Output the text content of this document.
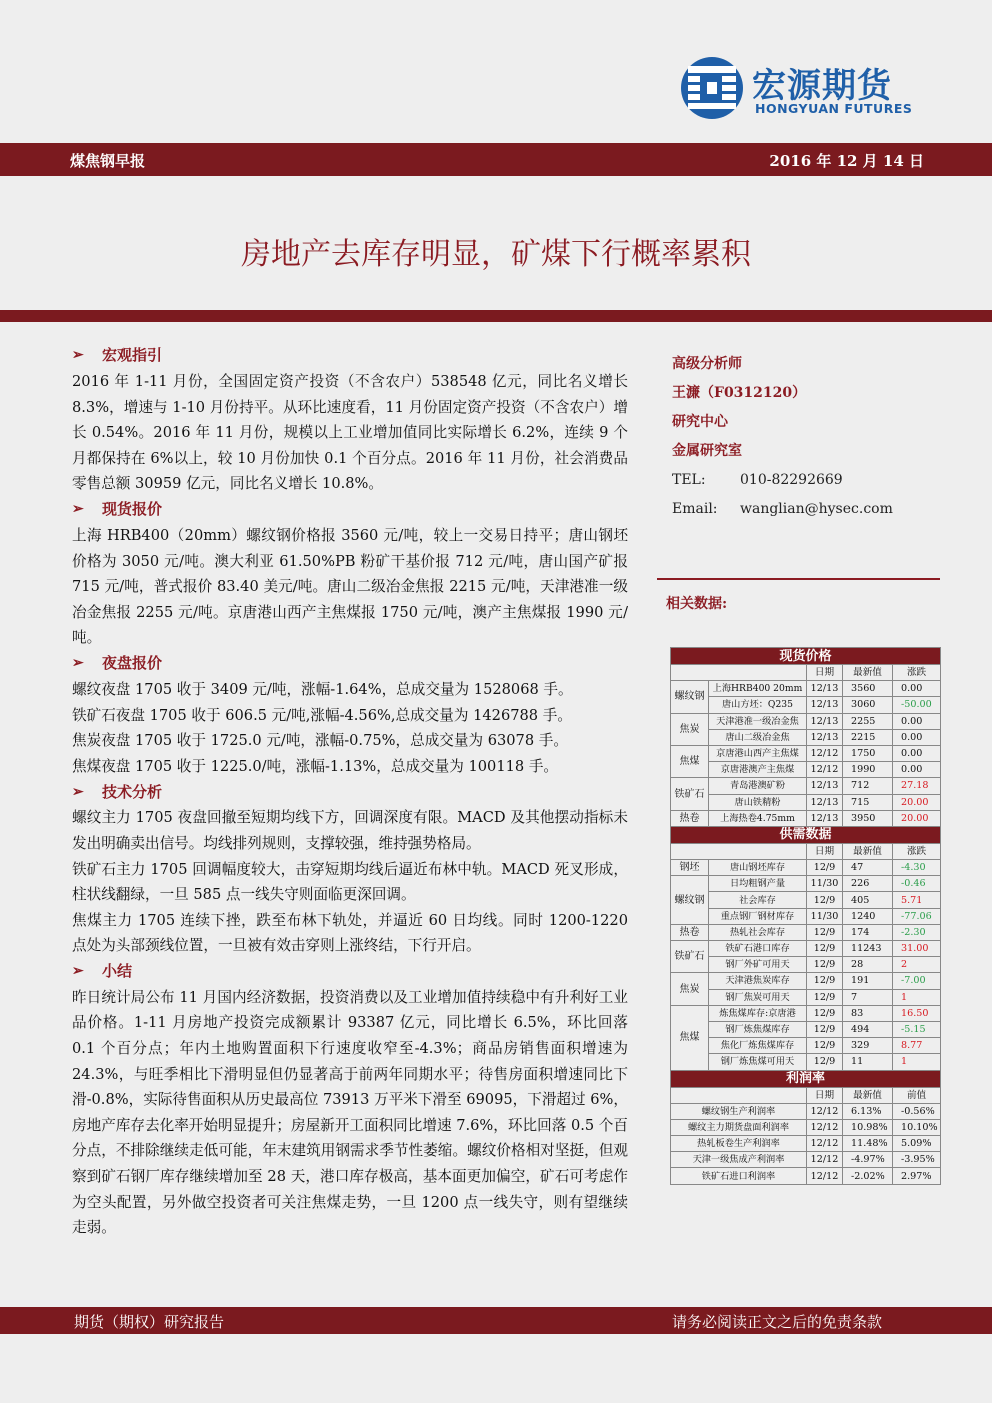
宏源期货
HONGYUAN FUTURES
煤焦钢早报	2016 年 12 月 14 日
房地产去库存明显，矿煤下行概率累积
➢	宏观指引

2016 年 1-11 月份，全国固定资产投资（不含农户）538548 亿元，同比名义增长 8.3%，增速与 1-10 月份持平。从环比速度看，11 月份固定资产投资（不含农户）增长 0.54%。2016 年 11 月份，规模以上工业增加值同比实际增长 6.2%，连续 9 个月都保持在 6%以上，较 10 月份加快 0.1 个百分点。2016 年 11 月份，社会消费品零售总额 30959 亿元，同比名义增长 10.8%。

➢	现货报价

上海 HRB400（20mm）螺纹钢价格报 3560 元/吨，较上一交易日持平；唐山钢坯价格为 3050 元/吨。澳大利亚 61.50%PB 粉矿干基价报 712 元/吨，唐山国产矿报 715 元/吨，普式报价 83.40 美元/吨。唐山二级冶金焦报 2215 元/吨，天津港准一级冶金焦报 2255 元/吨。京唐港山西产主焦煤报 1750 元/吨，澳产主焦煤报 1990 元/吨。

➢	夜盘报价

螺纹夜盘 1705 收于 3409 元/吨，涨幅-1.64%，总成交量为 1528068 手。

铁矿石夜盘 1705 收于 606.5 元/吨,涨幅-4.56%,总成交量为 1426788 手。

焦炭夜盘 1705 收于 1725.0 元/吨，涨幅-0.75%，总成交量为 63078 手。

焦煤夜盘 1705 收于 1225.0/吨，涨幅-1.13%，总成交量为 100118 手。

➢	技术分析

螺纹主力 1705 夜盘回撤至短期均线下方，回调深度有限。MACD 及其他摆动指标未发出明确卖出信号。均线排列规则，支撑较强，维持强势格局。

铁矿石主力 1705 回调幅度较大，击穿短期均线后逼近布林中轨。MACD 死叉形成，柱状线翻绿，一旦 585 点一线失守则面临更深回调。

焦煤主力 1705 连续下挫，跌至布林下轨处，并逼近 60 日均线。同时 1200-1220 点处为头部颈线位置，一旦被有效击穿则上涨终结，下行开启。

➢	小结

昨日统计局公布 11 月国内经济数据，投资消费以及工业增加值持续稳中有升利好工业品价格。1-11 月房地产投资完成额累计 93387 亿元，同比增长 6.5%，环比回落 0.1 个百分点；年内土地购置面积下行速度收窄至-4.3%；商品房销售面积增速为 24.3%，与旺季相比下滑明显但仍显著高于前两年同期水平；待售房面积增速同比下滑-0.8%，实际待售面积从历史最高位 73913 万平米下滑至 69095，下滑超过 6%，房地产库存去化率开始明显提升；房屋新开工面积同比增速 7.6%，环比回落 0.5 个百分点，不排除继续走低可能，年末建筑用钢需求季节性萎缩。螺纹价格相对坚挺，但观察到矿石钢厂库存继续增加至 28 天，港口库存极高，基本面更加偏空，矿石可考虑作为空头配置，另外做空投资者可关注焦煤走势，一旦 1200 点一线失守，则有望继续走弱。

高级分析师
王濂（F0312120）
研究中心
金属研究室
TEL:	010-82292669
Email:	wanglian@hysec.com
相关数据:
现货价格				
		日期	最新值	涨跌
螺纹钢	上海HRB400 20mm	12/13	3560	0.00
	唐山方坯：Q235	12/13	3060	-50.00
焦炭	天津港准一级冶金焦	12/13	2255	0.00
	唐山二级冶金焦	12/13	2215	0.00
焦煤	京唐港山西产主焦煤	12/12	1750	0.00
	京唐港澳产主焦煤	12/12	1990	0.00
铁矿石	青岛港澳矿粉	12/13	712	27.18
	唐山铁精粉	12/13	715	20.00
热卷	上海热卷4.75mm	12/13	3950	20.00
供需数据				
		日期	最新值	涨跌
钢坯	唐山钢坯库存	12/9	47	-4.30
螺纹钢	日均粗钢产量	11/30	226	-0.46
	社会库存	12/9	405	5.71
	重点钢厂钢材库存	11/30	1240	-77.06
热卷	热轧社会库存	12/9	174	-2.30
铁矿石	铁矿石港口库存	12/9	11243	31.00
	钢厂外矿可用天	12/9	28	2
焦炭	天津港焦炭库存	12/9	191	-7.00
	钢厂焦炭可用天	12/9	7	1
焦煤	炼焦煤库存:京唐港	12/9	83	16.50
	钢厂炼焦煤库存	12/9	494	-5.15
	焦化厂炼焦煤库存	12/9	329	8.77
	钢厂炼焦煤可用天	12/9	11	1
利润率				
		日期	最新值	前值
螺纹钢生产利润率		12/12	6.13%	-0.56%
螺纹主力期货盘面利润率		12/12	10.98%	10.10%
热轧板卷生产利润率		12/12	11.48%	5.09%
天津一级焦成产利润率		12/12	-4.97%	-3.95%
铁矿石进口利润率		12/12	-2.02%	2.97%
期货（期权）研究报告	请务必阅读正文之后的免责条款
